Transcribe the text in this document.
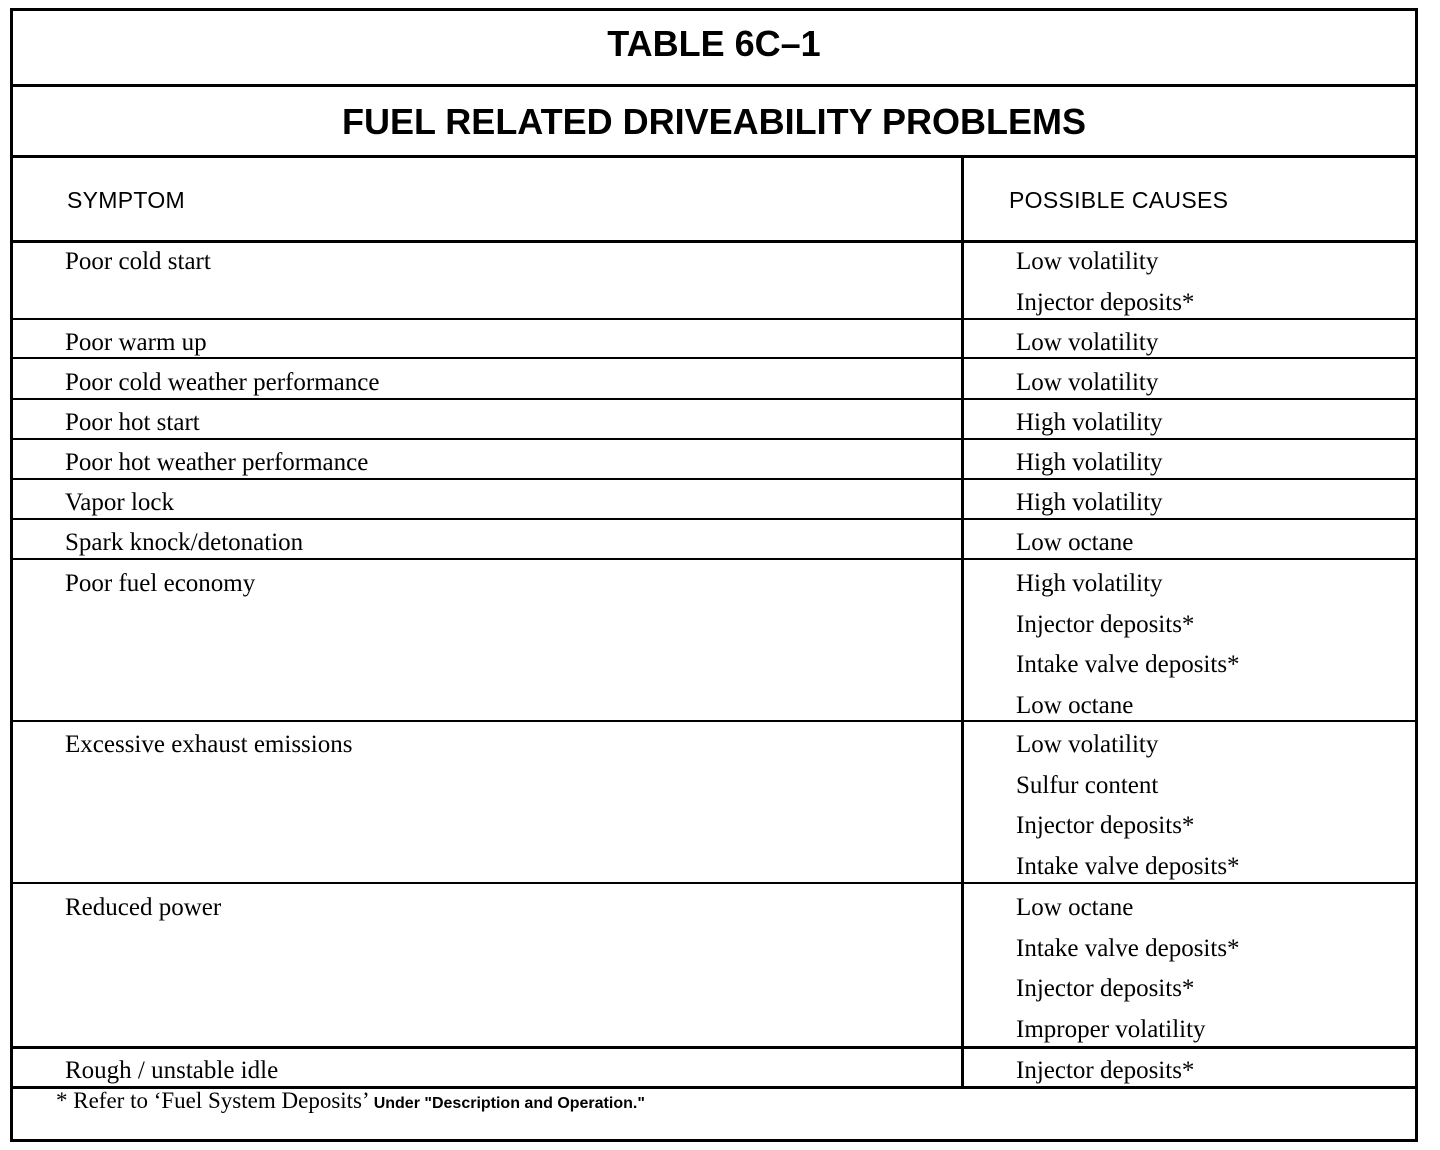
TABLE 6C–1
FUEL RELATED DRIVEABILITY PROBLEMS
SYMPTOM	POSSIBLE CAUSES
Poor cold start	Low volatility
Injector deposits*
Poor warm up	Low volatility
Poor cold weather performance	Low volatility
Poor hot start	High volatility
Poor hot weather performance	High volatility
Vapor lock	High volatility
Spark knock/detonation	Low octane
Poor fuel economy	High volatility
Injector deposits*
Intake valve deposits*
Low octane
Excessive exhaust emissions	Low volatility
Sulfur content
Injector deposits*
Intake valve deposits*
Reduced power	Low octane
Intake valve deposits*
Injector deposits*
Improper volatility
Rough / unstable idle	Injector deposits*
* Refer to ‘Fuel System Deposits’ Under "Description and Operation."
